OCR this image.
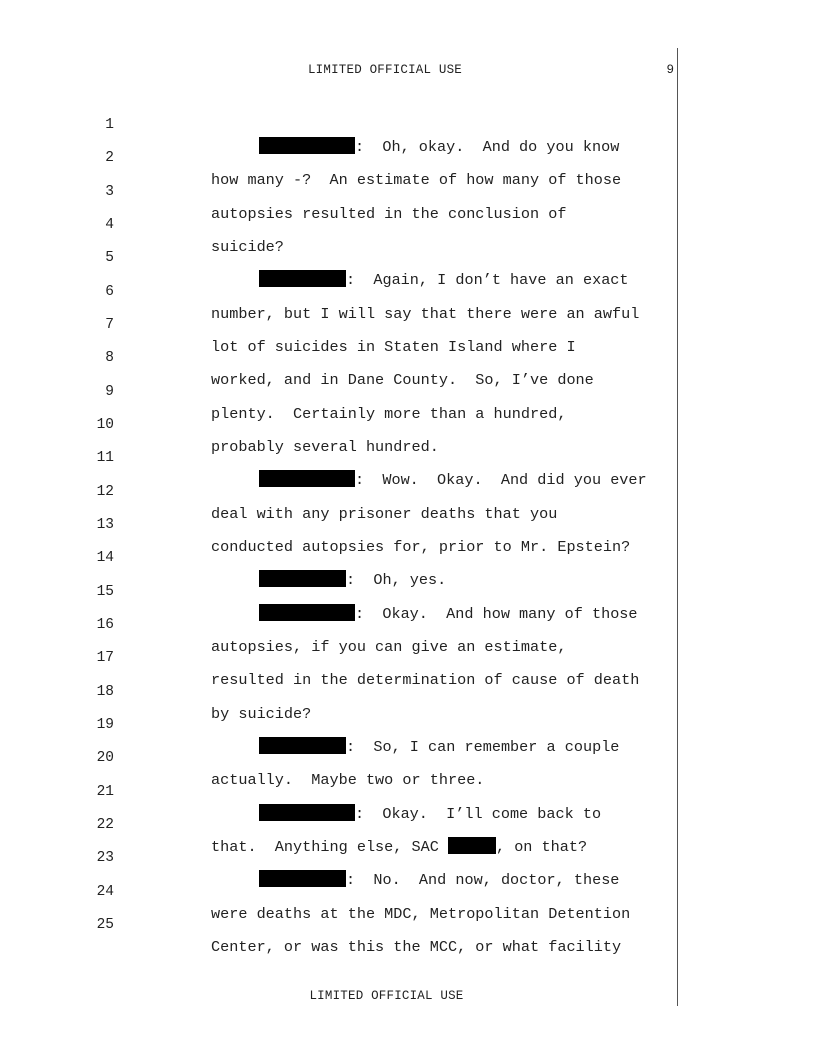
LIMITED OFFICIAL USE	9

1

:  Oh, okay.  And do you know

2

how many -?  An estimate of how many of those

3

autopsies resulted in the conclusion of

4

suicide?

5

:  Again, I don’t have an exact

6

number, but I will say that there were an awful

7

lot of suicides in Staten Island where I

8

worked, and in Dane County.  So, I’ve done

9

plenty.  Certainly more than a hundred,

10

probably several hundred.

11

:  Wow.  Okay.  And did you ever

12

deal with any prisoner deaths that you

13

conducted autopsies for, prior to Mr. Epstein?

14

:  Oh, yes.

15

:  Okay.  And how many of those

16

autopsies, if you can give an estimate,

17

resulted in the determination of cause of death

18

by suicide?

19

:  So, I can remember a couple

20

actually.  Maybe two or three.

21

:  Okay.  I’ll come back to

22

that.  Anything else, SAC	, on that?

23

:  No.  And now, doctor, these

24

were deaths at the MDC, Metropolitan Detention

25

Center, or was this the MCC, or what facility

LIMITED OFFICIAL USE
